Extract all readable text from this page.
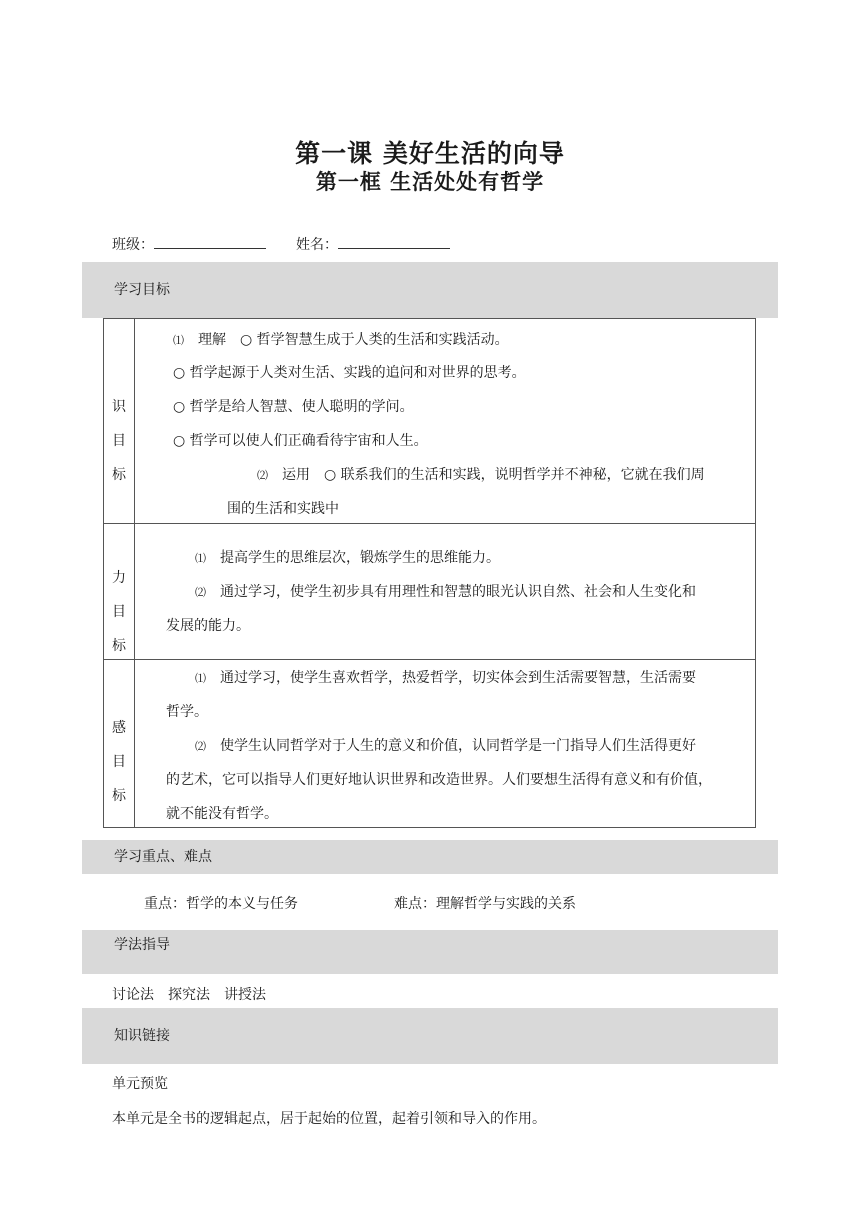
第一课 美好生活的向导
第一框 生活处处有哲学
班级：	姓名：
学习目标
识
目
标
⑴　 理解　○ 哲学智慧生成于人类的生活和实践活动。
○ 哲学起源于人类对生活、实践的追问和对世界的思考。
○ 哲学是给人智慧、使人聪明的学问。
○ 哲学可以使人们正确看待宇宙和人生。
⑵　 运用　○ 联系我们的生活和实践，说明哲学并不神秘，它就在我们周
围的生活和实践中
力
目
标
⑴　 提高学生的思维层次，锻炼学生的思维能力。
⑵　 通过学习，使学生初步具有用理性和智慧的眼光认识自然、社会和人生变化和
发展的能力。
感
目
标
⑴　 通过学习，使学生喜欢哲学，热爱哲学，切实体会到生活需要智慧，生活需要
哲学。
⑵　 使学生认同哲学对于人生的意义和价值，认同哲学是一门指导人们生活得更好
的艺术，它可以指导人们更好地认识世界和改造世界。人们要想生活得有意义和有价值，
就不能没有哲学。
学习重点、难点
重点：哲学的本义与任务	难点：理解哲学与实践的关系
学法指导
讨论法　探究法　讲授法
知识链接
单元预览
本单元是全书的逻辑起点，居于起始的位置，起着引领和导入的作用。
